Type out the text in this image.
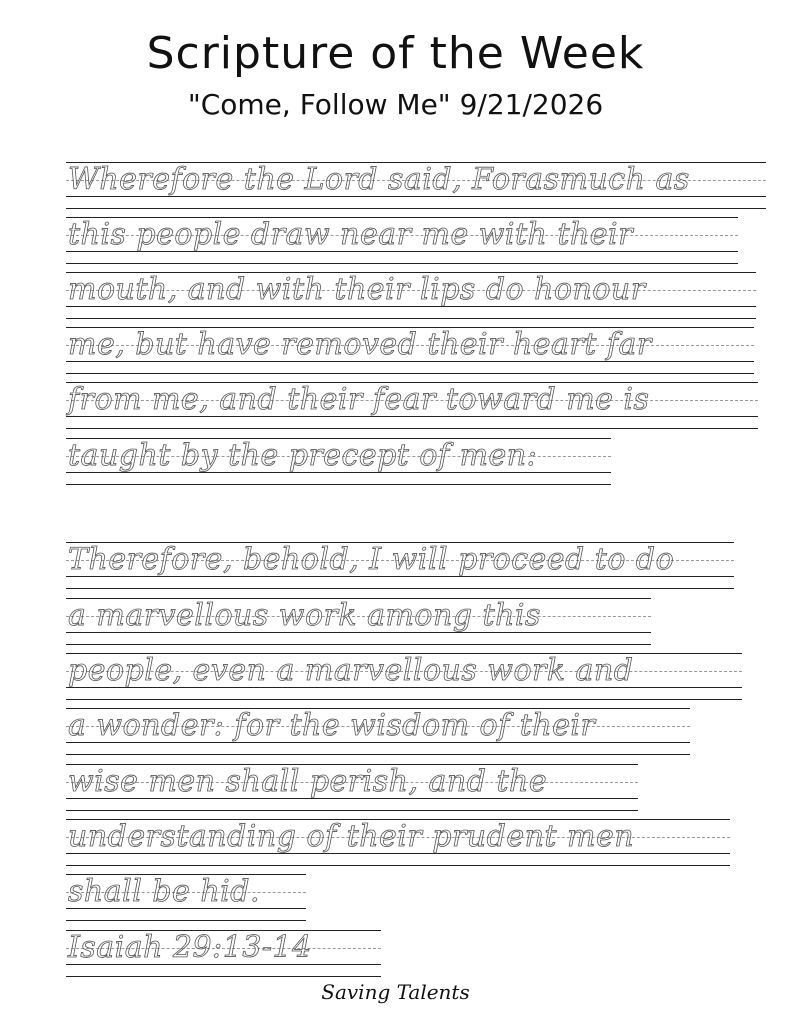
Scripture of the Week
"Come, Follow Me" 9/21/2026
Wherefore the Lord said, Forasmuch as
this people draw near me with their
mouth, and with their lips do honour
me, but have removed their heart far
from me, and their fear toward me is
taught by the precept of men:
Therefore, behold, I will proceed to do
a marvellous work among this
people, even a marvellous work and
a wonder: for the wisdom of their
wise men shall perish, and the
understanding of their prudent men
shall be hid.
Isaiah 29:13-14
Saving Talents
